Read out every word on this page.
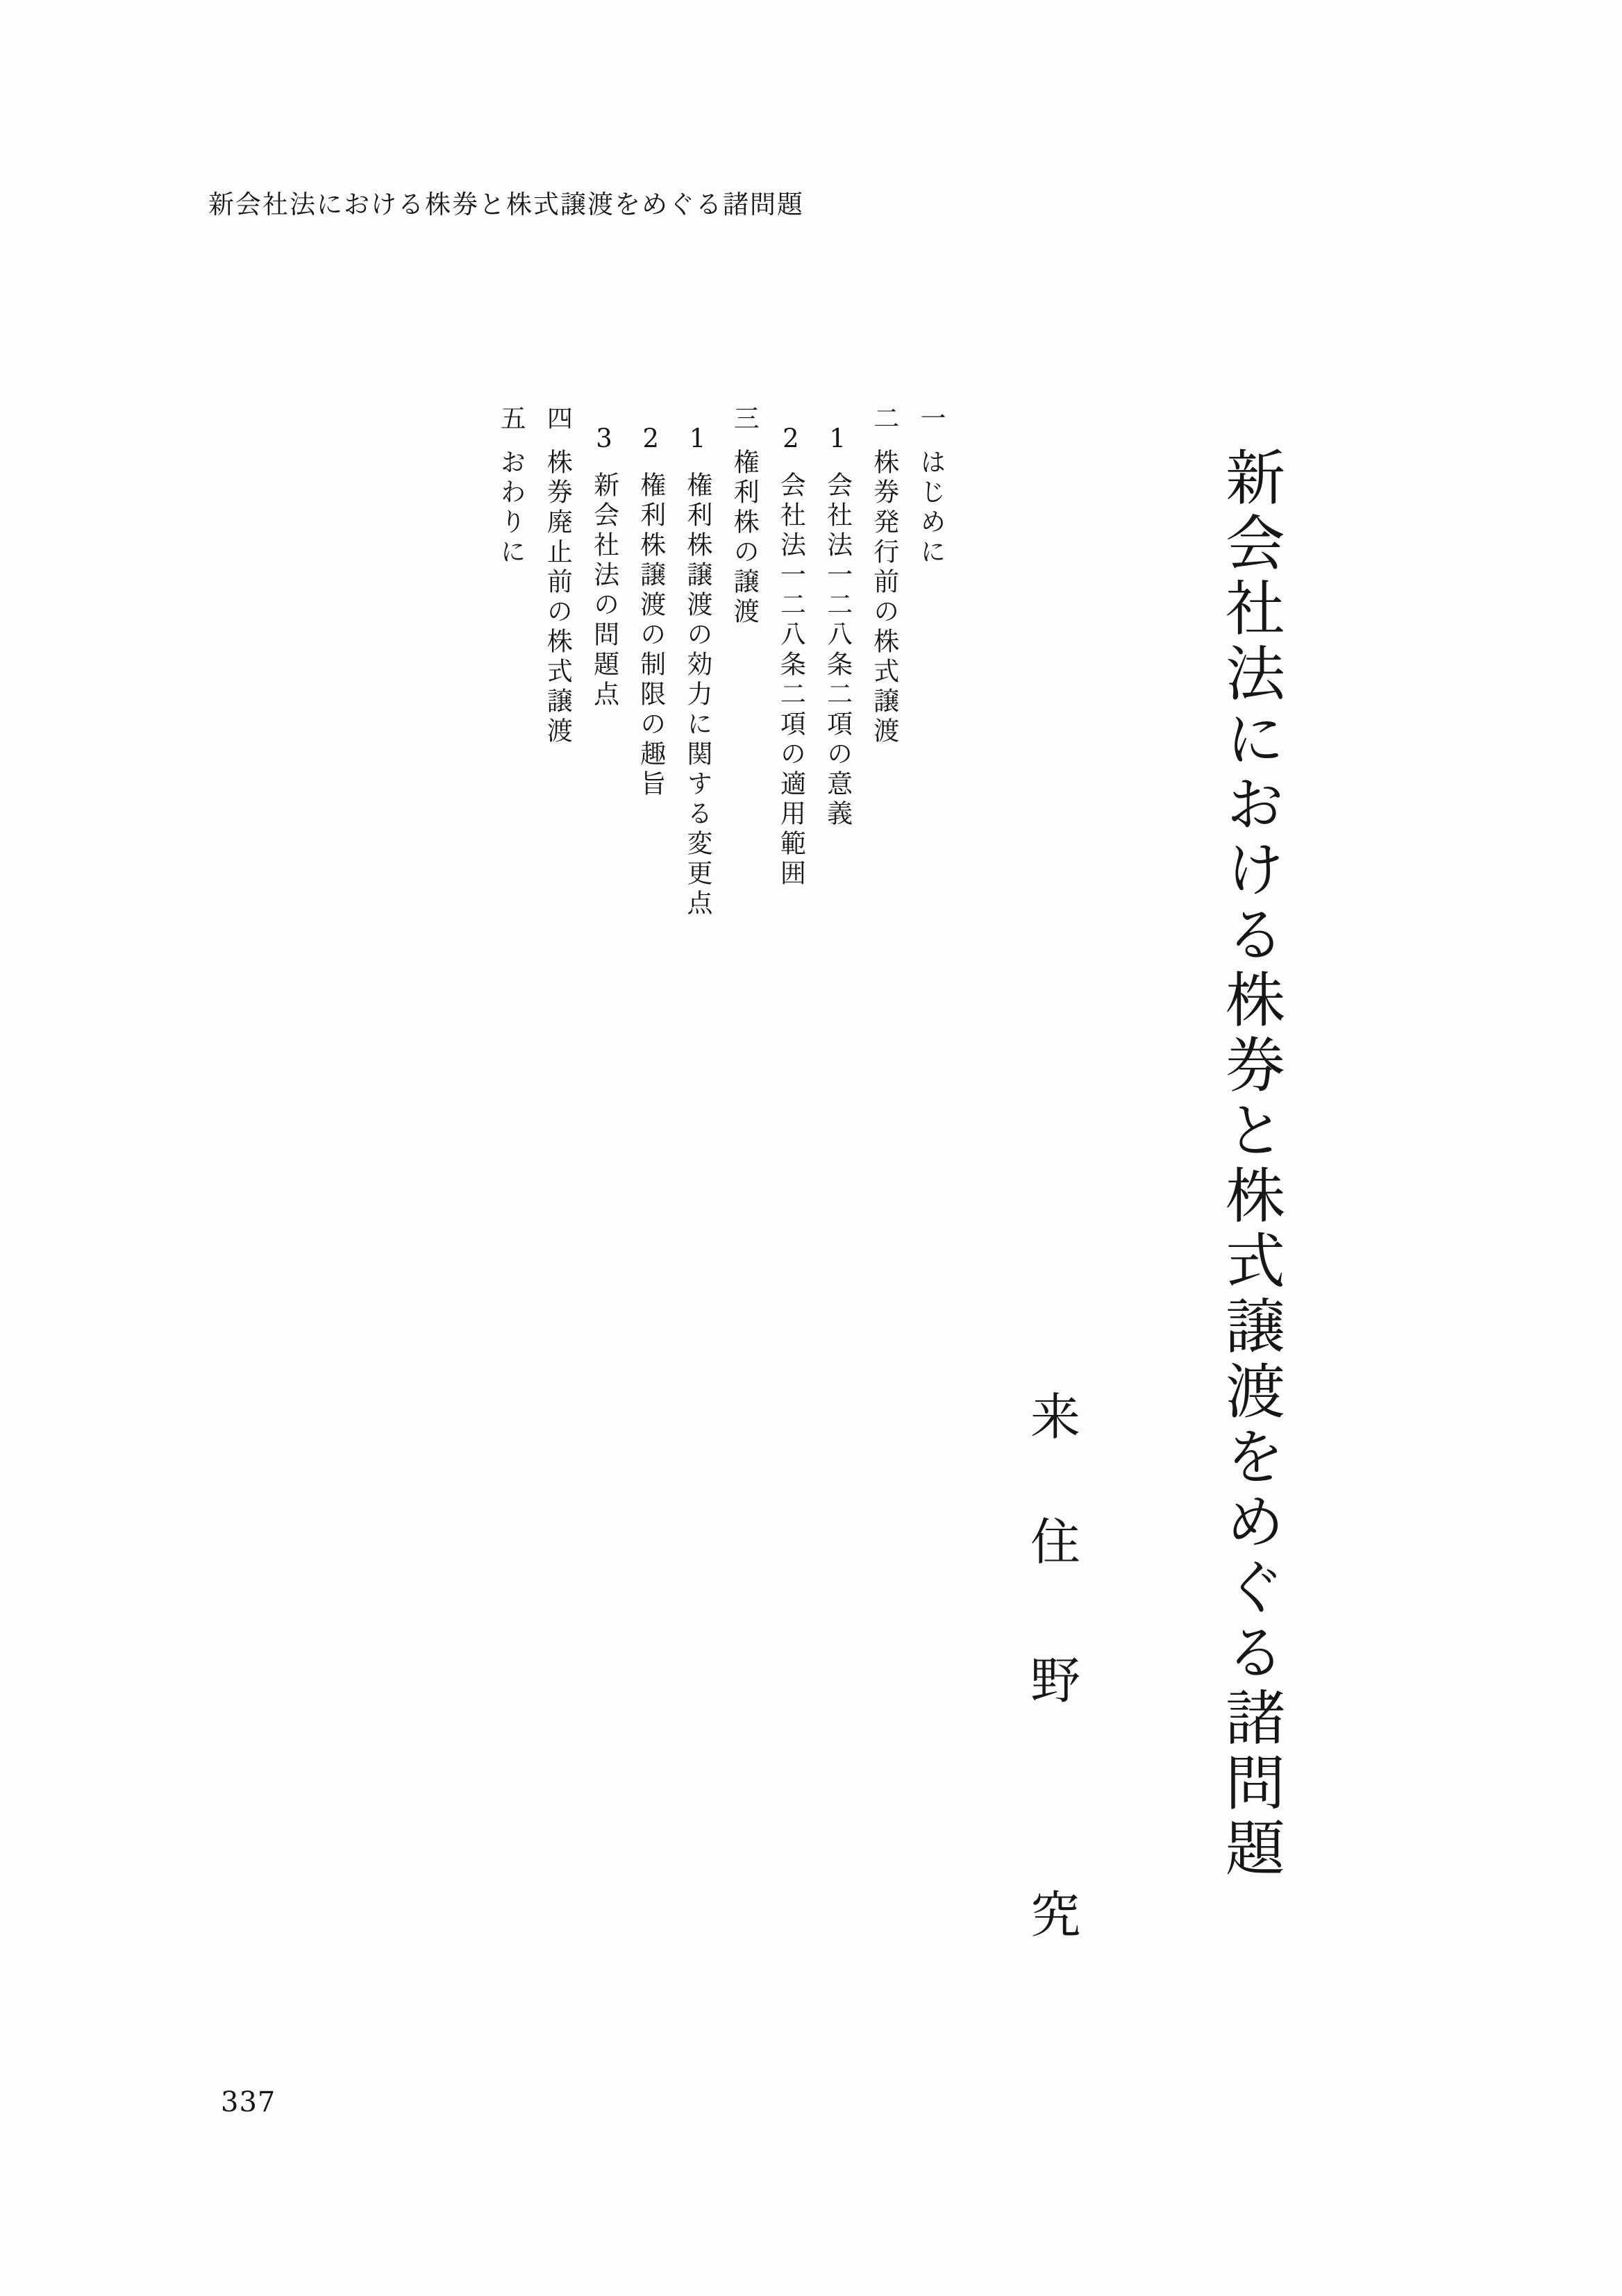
新会社法における株券と株式譲渡をめぐる諸問題
一はじめに
二株券発行前の株式譲渡
1会社法一二八条二項の意義
2会社法一二八条二項の適用範囲
三権利株の譲渡
1権利株譲渡の効力に関する変更点
2権利株譲渡の制限の趣旨
3新会社法の問題点
四株券廃止前の株式譲渡
五おわりに	新会社法における株券と株式譲渡をめぐる諸問題
来
住
野
究
337
